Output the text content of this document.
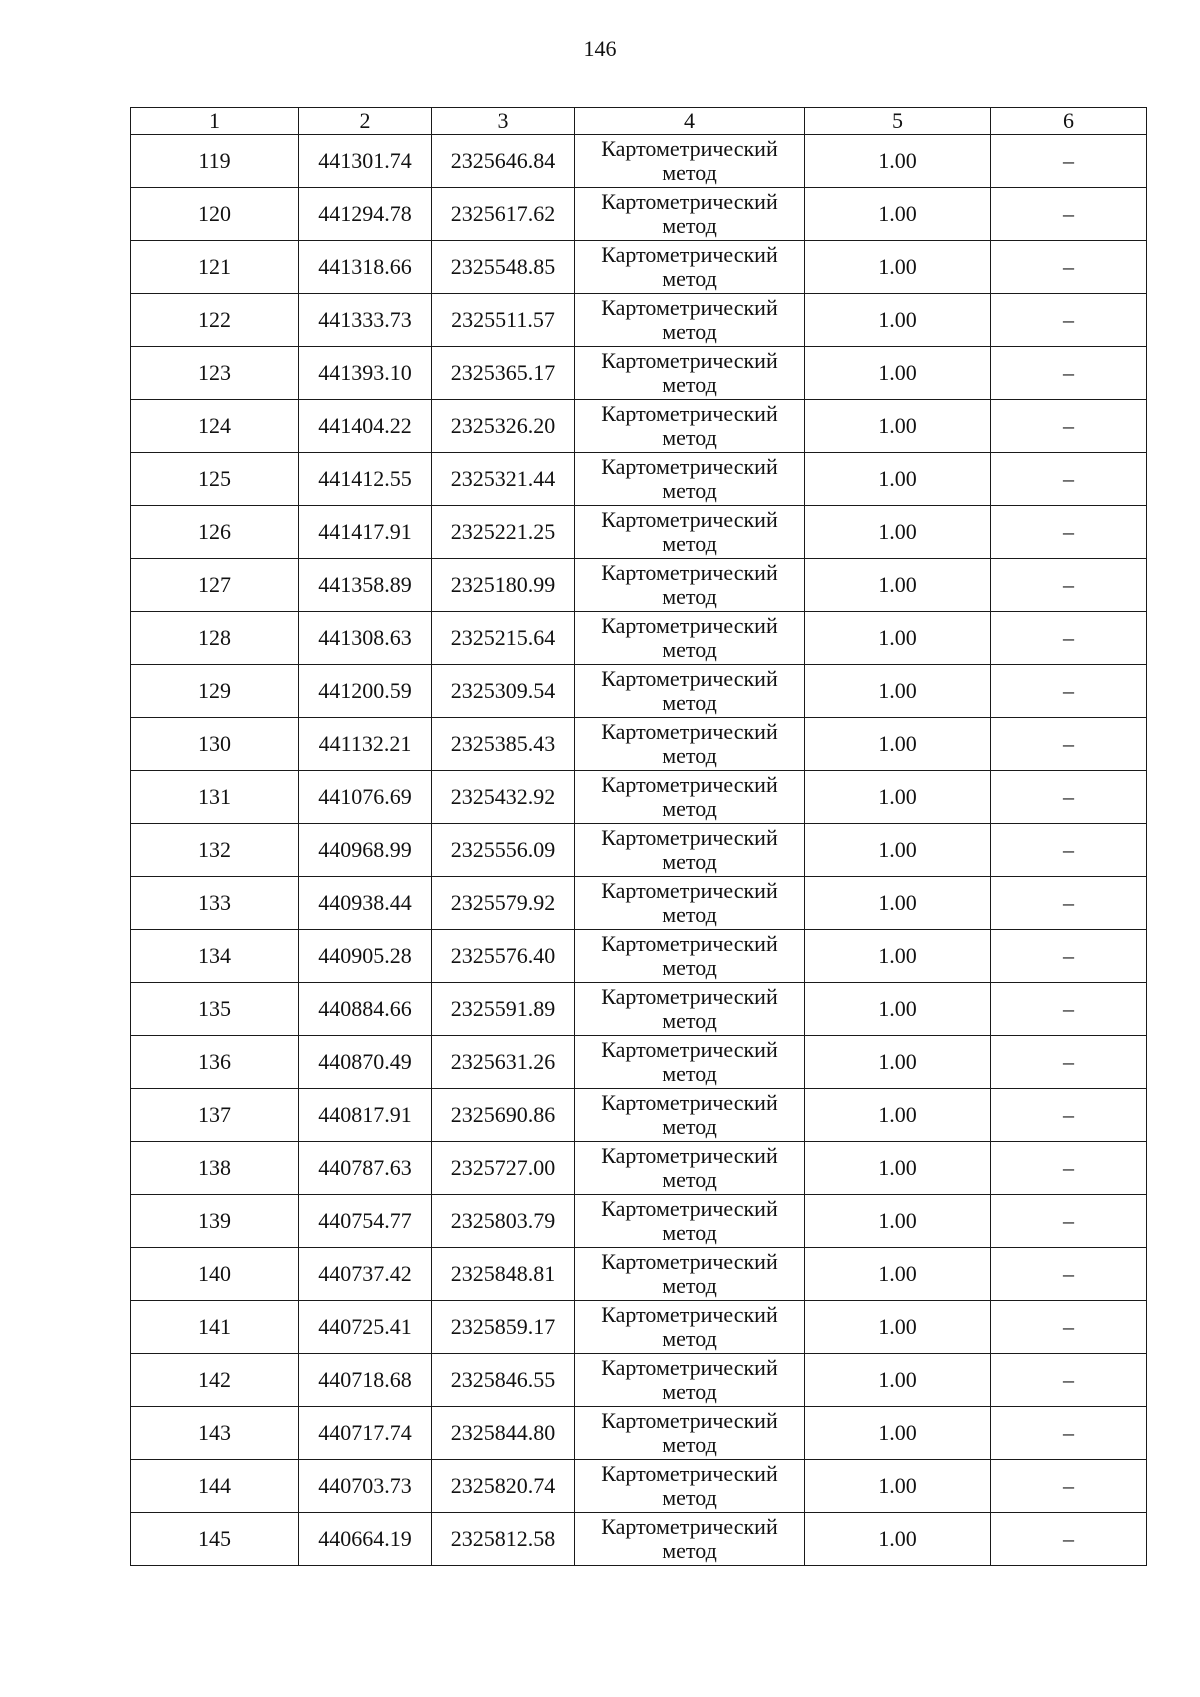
146
1	2	3	4	5	6
119	441301.74	2325646.84	Картометрический метод	1.00	–
120	441294.78	2325617.62	Картометрический метод	1.00	–
121	441318.66	2325548.85	Картометрический метод	1.00	–
122	441333.73	2325511.57	Картометрический метод	1.00	–
123	441393.10	2325365.17	Картометрический метод	1.00	–
124	441404.22	2325326.20	Картометрический метод	1.00	–
125	441412.55	2325321.44	Картометрический метод	1.00	–
126	441417.91	2325221.25	Картометрический метод	1.00	–
127	441358.89	2325180.99	Картометрический метод	1.00	–
128	441308.63	2325215.64	Картометрический метод	1.00	–
129	441200.59	2325309.54	Картометрический метод	1.00	–
130	441132.21	2325385.43	Картометрический метод	1.00	–
131	441076.69	2325432.92	Картометрический метод	1.00	–
132	440968.99	2325556.09	Картометрический метод	1.00	–
133	440938.44	2325579.92	Картометрический метод	1.00	–
134	440905.28	2325576.40	Картометрический метод	1.00	–
135	440884.66	2325591.89	Картометрический метод	1.00	–
136	440870.49	2325631.26	Картометрический метод	1.00	–
137	440817.91	2325690.86	Картометрический метод	1.00	–
138	440787.63	2325727.00	Картометрический метод	1.00	–
139	440754.77	2325803.79	Картометрический метод	1.00	–
140	440737.42	2325848.81	Картометрический метод	1.00	–
141	440725.41	2325859.17	Картометрический метод	1.00	–
142	440718.68	2325846.55	Картометрический метод	1.00	–
143	440717.74	2325844.80	Картометрический метод	1.00	–
144	440703.73	2325820.74	Картометрический метод	1.00	–
145	440664.19	2325812.58	Картометрический метод	1.00	–
